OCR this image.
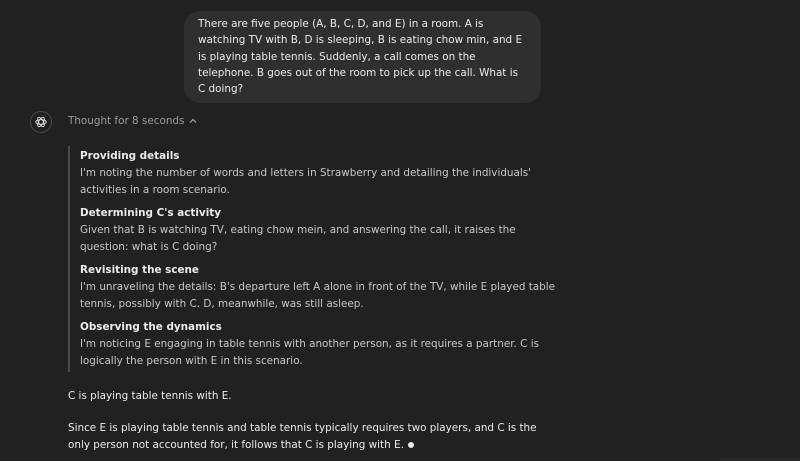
There are five people (A, B, C, D, and E) in a room. A is watching TV with B, D is sleeping, B is eating chow min, and E is playing table tennis. Suddenly, a call comes on the telephone. B goes out of the room to pick up the call. What is C doing?
Thought for 8 seconds
Providing details
I'm noting the number of words and letters in Strawberry and detailing the individuals' activities in a room scenario.
Determining C's activity
Given that B is watching TV, eating chow mein, and answering the call, it raises the question: what is C doing?
Revisiting the scene
I'm unraveling the details: B's departure left A alone in front of the TV, while E played table tennis, possibly with C. D, meanwhile, was still asleep.
Observing the dynamics
I'm noticing E engaging in table tennis with another person, as it requires a partner. C is logically the person with E in this scenario.
C is playing table tennis with E.
Since E is playing table tennis and table tennis typically requires two players, and C is the only person not accounted for, it follows that C is playing with E.
